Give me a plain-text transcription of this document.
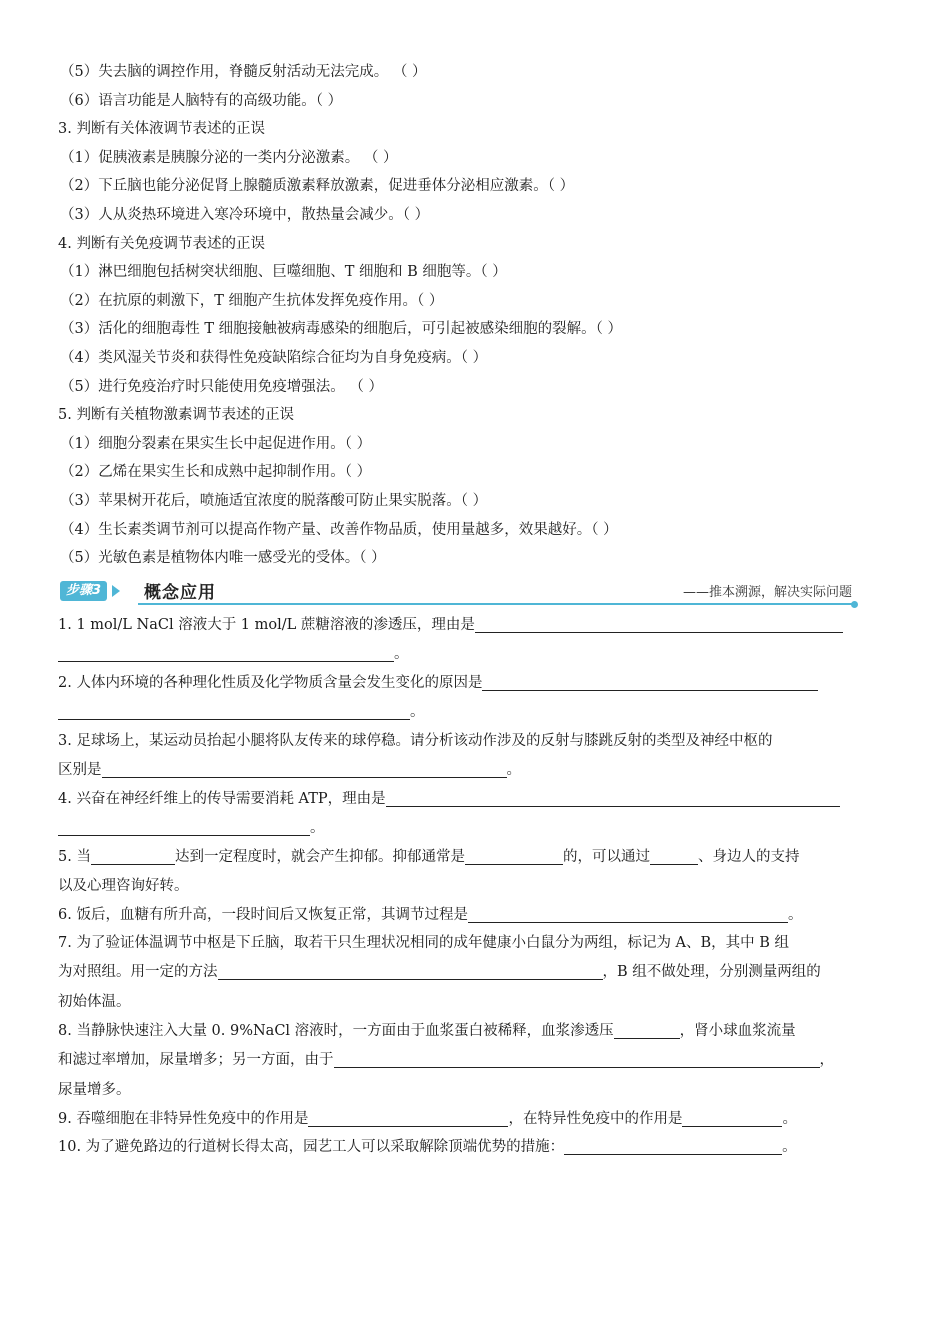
（5）失去脑的调控作用，脊髓反射活动无法完成。 （ ）
（6）语言功能是人脑特有的高级功能。（ ）
3. 判断有关体液调节表述的正误
（1）促胰液素是胰腺分泌的一类内分泌激素。 （ ）
（2）下丘脑也能分泌促肾上腺髓质激素释放激素，促进垂体分泌相应激素。（ ）
（3）人从炎热环境进入寒冷环境中，散热量会减少。（ ）
4. 判断有关免疫调节表述的正误
（1）淋巴细胞包括树突状细胞、巨噬细胞、T 细胞和 B 细胞等。（ ）
（2）在抗原的刺激下，T 细胞产生抗体发挥免疫作用。（ ）
（3）活化的细胞毒性 T 细胞接触被病毒感染的细胞后，可引起被感染细胞的裂解。（ ）
（4）类风湿关节炎和获得性免疫缺陷综合征均为自身免疫病。（ ）
（5）进行免疫治疗时只能使用免疫增强法。 （ ）
5. 判断有关植物激素调节表述的正误
（1）细胞分裂素在果实生长中起促进作用。（ ）
（2）乙烯在果实生长和成熟中起抑制作用。（ ）
（3）苹果树开花后，喷施适宜浓度的脱落酸可防止果实脱落。（ ）
（4）生长素类调节剂可以提高作物产量、改善作物品质，使用量越多，效果越好。（ ）
（5）光敏色素是植物体内唯一感受光的受体。（ ）
步骤3	概念应用	——推本溯源，解决实际问题
1. 1 mol/L NaCl 溶液大于 1 mol/L 蔗糖溶液的渗透压，理由是
。
2. 人体内环境的各种理化性质及化学物质含量会发生变化的原因是
。
3. 足球场上，某运动员抬起小腿将队友传来的球停稳。请分析该动作涉及的反射与膝跳反射的类型及神经中枢的
区别是	。
4. 兴奋在神经纤维上的传导需要消耗 ATP，理由是
。
5. 当	达到一定程度时，就会产生抑郁。抑郁通常是	的，可以通过	、身边人的支持
以及心理咨询好转。
6. 饭后，血糖有所升高，一段时间后又恢复正常，其调节过程是	。
7. 为了验证体温调节中枢是下丘脑，取若干只生理状况相同的成年健康小白鼠分为两组，标记为 A、B，其中 B 组
为对照组。用一定的方法	，B 组不做处理，分别测量两组的
初始体温。
8. 当静脉快速注入大量 0. 9%NaCl 溶液时，一方面由于血浆蛋白被稀释，血浆渗透压	，肾小球血浆流量
和滤过率增加，尿量增多；另一方面，由于	，
尿量增多。
9. 吞噬细胞在非特异性免疫中的作用是	，在特异性免疫中的作用是	。
10. 为了避免路边的行道树长得太高，园艺工人可以采取解除顶端优势的措施：	。
